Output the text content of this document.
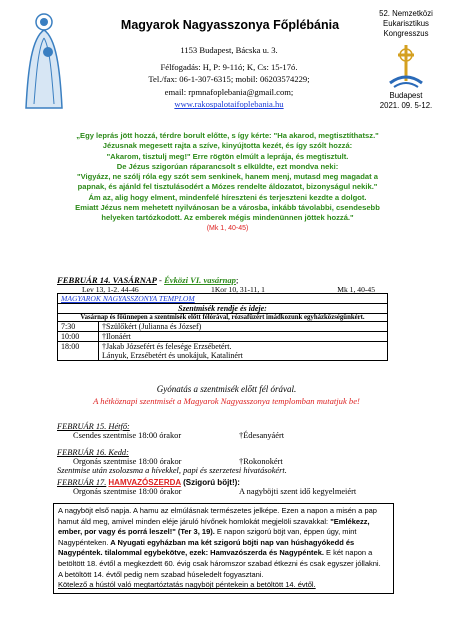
Magyarok Nagyasszonya Főplébánia
1153 Budapest, Bácska u. 3.
Félfogadás: H, P: 9-11ó; K, Cs: 15-17ó.
Tel./fax: 06-1-307-6315; mobil: 06203574229;
email: rpmnafoplebania@gmail.com;
www.rakospalotaifoplebania.hu
52. Nemzetközi
Eukarisztikus
Kongresszus
Budapest
2021. 09. 5-12.
„Egy leprás jött hozzá, térdre borult előtte, s így kérte: "Ha akarod, megtisztíthatsz."
Jézusnak megesett rajta a szíve, kinyújtotta kezét, és így szólt hozzá:
"Akarom, tisztulj meg!" Erre rögtön elmúlt a leprája, és megtisztult.
De Jézus szigorúan ráparancsolt s elküldte, ezt mondva neki:
"Vigyázz, ne szólj róla egy szót sem senkinek, hanem menj, mutasd meg magadat a
papnak, és ajánld fel tisztulásodért a Mózes rendelte áldozatot, bizonyságul nekik."
Ám az, alig hogy elment, mindenfelé híreszteni és terjeszteni kezdte a dolgot.
Emiatt Jézus nem mehetett nyilvánosan be a városba, inkább távolabbi, csendesebb
helyeken tartózkodott. Az emberek mégis mindenünnen jöttek hozzá."
(Mk 1, 40-45)
FEBRUÁR 14. VASÁRNAP - Évközi VI. vasárnap;
Lev 13, 1-2. 44-46	1Kor 10, 31-11, 1	Mk 1, 40-45
MAGYAROK NAGYASSZONYA TEMPLOM	
Szentmisék rendje és ideje:	

Vasárnap és főünnepen a szentmisék előtt félórával, rózsafüzért imádkozunk egyházközségünkért.	

7:30	†Szülőkért (Julianna és József)
10:00	†Ilonáért
18:00	†Jakab Józsefért és felesége Erzsébetért.
Lányuk, Erzsébetért és unokájuk, Katalinért
Gyónatás a szentmisék előtt fél órával.
A hétköznapi szentmisét a Magyarok Nagyasszonya templomban mutatjuk be!
FEBRUÁR 15. Hétfő:
Csendes szentmise 18:00 órakor	†Édesanyáért
FEBRUÁR 16. Kedd:
Orgonás szentmise 18:00 órakor	†Rokonokért
Szentmise után zsolozsma a hívekkel, papi és szerzetesi hivatásokért.
FEBRUÁR 17. HAMVAZÓSZERDA (Szigorú böjt!):
Orgonás szentmise 18:00 órakor	A nagyböjti szent idő kegyelmeiért
A nagyböjt első napja. A hamu az elmúlásnak természetes jelképe. Ezen a napon a misén a pap hamut áld meg, amivel minden eléje járuló hívőnek homlokát megjelöli szavakkal: "Emlékezz, ember, por vagy és porrá leszel!" (Ter 3, 19). E napon szigorú böjt van, éppen úgy, mint Nagypénteken. A Nyugati egyházban ma két szigorú böjti nap van húshagyókedd és Nagypéntek. tilalommal egybekötve, ezek: Hamvazószerda és Nagypéntek. E két napon a betöltött 18. évtől a megkezdett 60. évig csak háromszor szabad étkezni és csak egyszer jóllakni.
A betöltött 14. évtől pedig nem szabad húseledelt fogyasztani.
Kötelező a hústól való megtartóztatás nagyböjt péntekein a betöltött 14. évtől.
